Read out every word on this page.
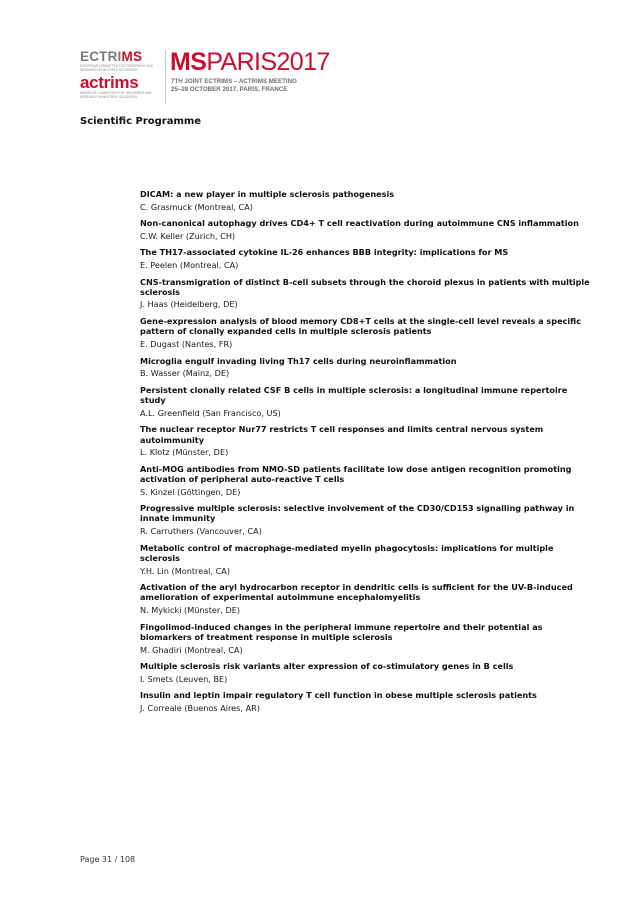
ECTRIMS
EUROPEAN COMMITTEE FOR TREATMENT AND RESEARCH IN MULTIPLE SCLEROSIS
actrims
AMERICAS COMMITTEE FOR TREATMENT AND RESEARCH IN MULTIPLE SCLEROSIS
MSPARIS2017
7TH JOINT ECTRIMS – ACTRIMS MEETING
25–28 OCTOBER 2017, PARIS, FRANCE
Scientific Programme
DICAM: a new player in multiple sclerosis pathogenesis
C. Grasmuck (Montreal, CA)
Non-canonical autophagy drives CD4+ T cell reactivation during autoimmune CNS inflammation
C.W. Keller (Zurich, CH)
The TH17-associated cytokine IL-26 enhances BBB integrity: implications for MS
E. Peelen (Montreal, CA)
CNS-transmigration of distinct B-cell subsets through the choroid plexus in patients with multiple sclerosis
J. Haas (Heidelberg, DE)
Gene-expression analysis of blood memory CD8+T cells at the single-cell level reveals a specific pattern of clonally expanded cells in multiple sclerosis patients
E. Dugast (Nantes, FR)
Microglia engulf invading living Th17 cells during neuroinflammation
B. Wasser (Mainz, DE)
Persistent clonally related CSF B cells in multiple sclerosis: a longitudinal immune repertoire study
A.L. Greenfield (San Francisco, US)
The nuclear receptor Nur77 restricts T cell responses and limits central nervous system autoimmunity
L. Klotz (Münster, DE)
Anti-MOG antibodies from NMO-SD patients facilitate low dose antigen recognition promoting activation of peripheral auto-reactive T cells
S. Kinzel (Göttingen, DE)
Progressive multiple sclerosis: selective involvement of the CD30/CD153 signalling pathway in innate immunity
R. Carruthers (Vancouver, CA)
Metabolic control of macrophage-mediated myelin phagocytosis: implications for multiple sclerosis
Y.H. Lin (Montreal, CA)
Activation of the aryl hydrocarbon receptor in dendritic cells is sufficient for the UV-B-induced amelioration of experimental autoimmune encephalomyelitis
N. Mykicki (Münster, DE)
Fingolimod-induced changes in the peripheral immune repertoire and their potential as biomarkers of treatment response in multiple sclerosis
M. Ghadiri (Montreal, CA)
Multiple sclerosis risk variants alter expression of co-stimulatory genes in B cells
I. Smets (Leuven, BE)
Insulin and leptin impair regulatory T cell function in obese multiple sclerosis patients
J. Correale (Buenos Aires, AR)
Page 31 / 108
